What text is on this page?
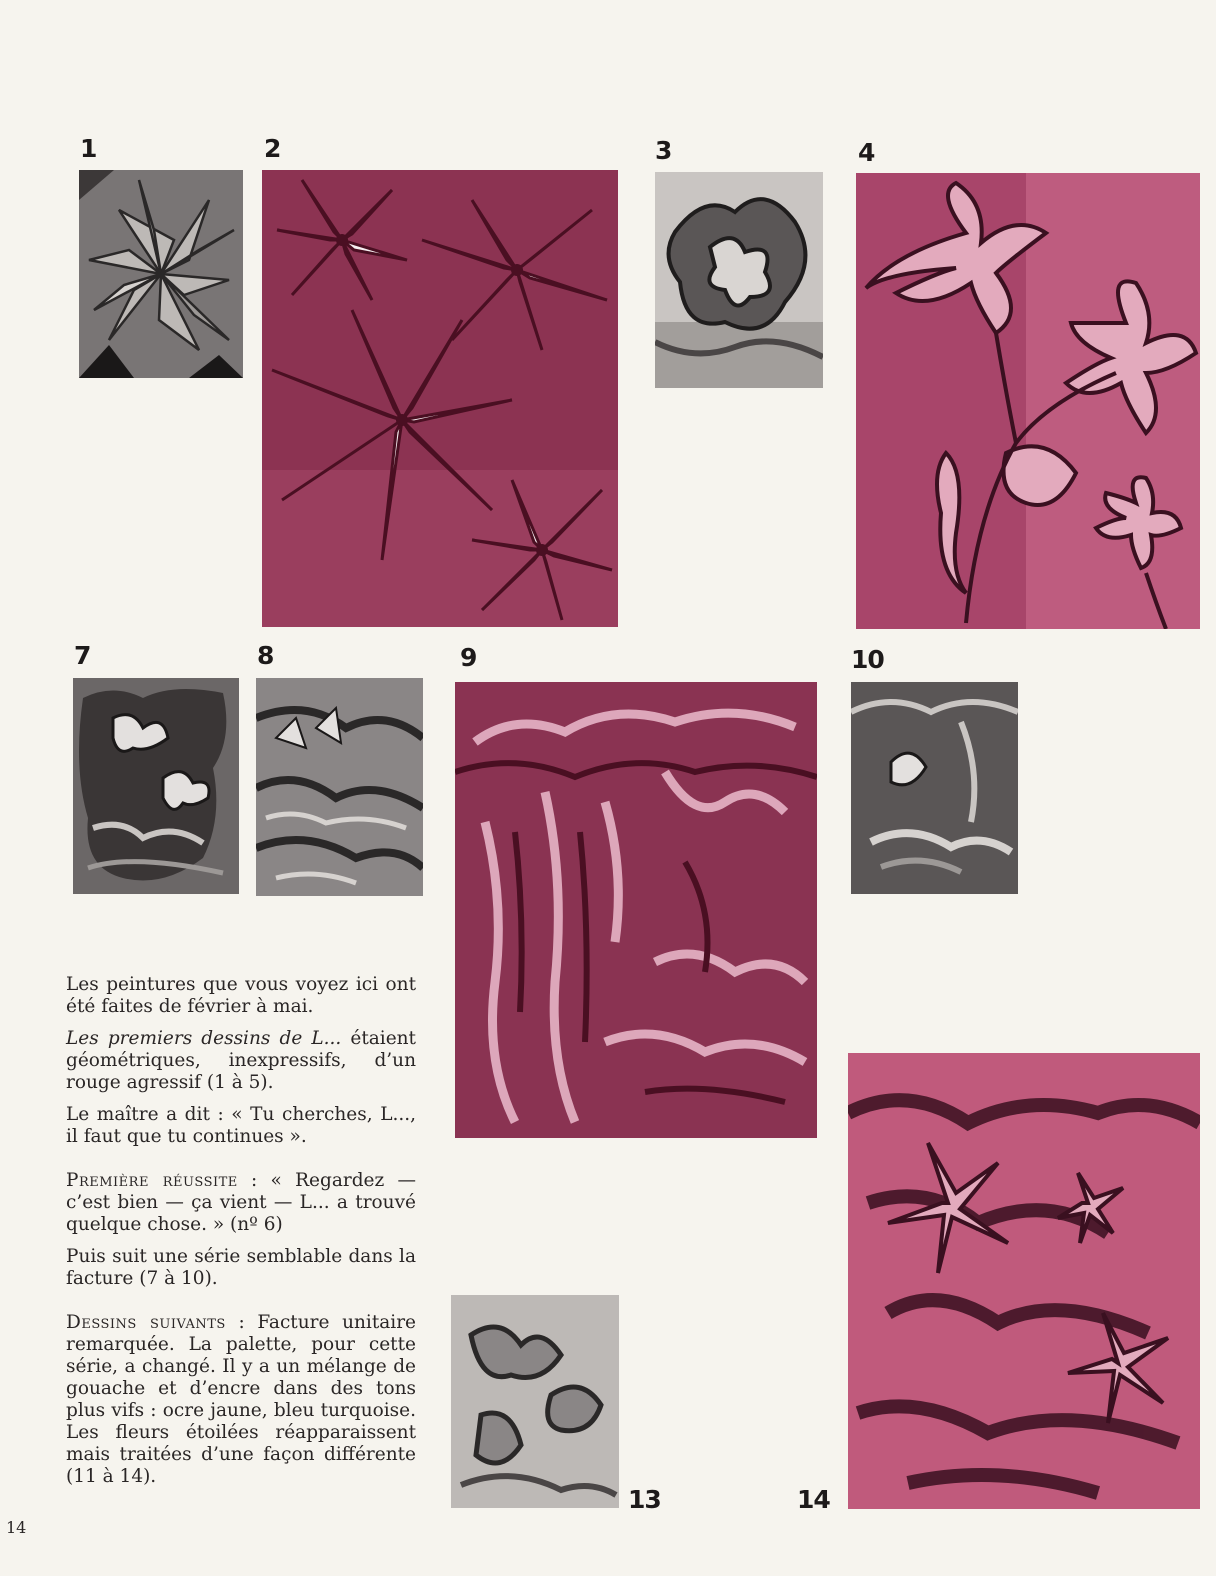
1	2	3	4
7	8	9	10
13	14

Les peintures que vous voyez ici ont été faites de février à mai.

Les premiers dessins de L... étaient géométriques, inexpressifs, d’un rouge agressif (1 à 5).

Le maître a dit : « Tu cherches, L..., il faut que tu continues ».

Première réussite : « Regardez — c’est bien — ça vient — L... a trouvé quelque chose. » (nº 6)

Puis suit une série semblable dans la facture (7 à 10).

Dessins suivants : Facture unitaire remarquée. La palette, pour cette série, a changé. Il y a un mélange de gouache et d’encre dans des tons plus vifs : ocre jaune, bleu turquoise. Les fleurs étoilées réapparaissent mais traitées d’une façon différente (11 à 14).

14
